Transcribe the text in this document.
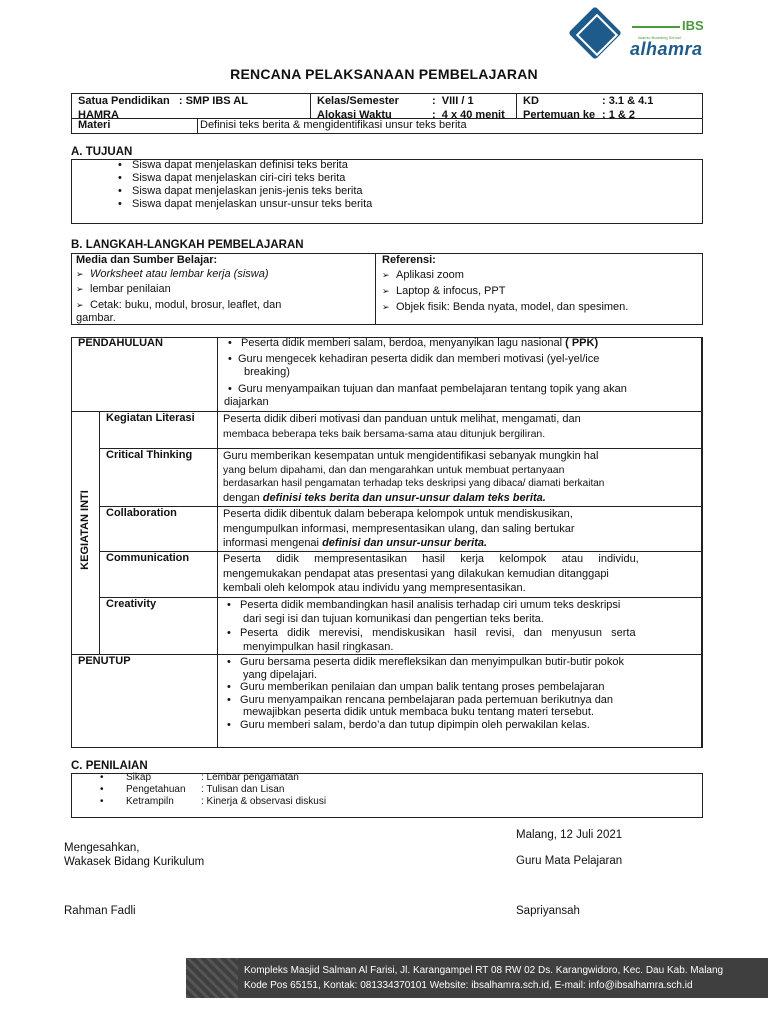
IBS
Islamic Boarding School
alhamra
RENCANA PELAKSANAAN PEMBELAJARAN
Satua Pendidikan   : SMP IBS AL
HAMRA
Kelas/Semester	:  VIII / 1
Alokasi Waktu	:  4 x 40 menit
KD	: 3.1 & 4.1
Pertemuan ke : 1 & 2
Materi	Definisi teks berita & mengidentifikasi unsur teks berita
A. TUJUAN
• Siswa dapat menjelaskan definisi teks berita
• Siswa dapat menjelaskan ciri-ciri teks berita
• Siswa dapat menjelaskan jenis-jenis teks berita
• Siswa dapat menjelaskan unsur-unsur teks berita
B. LANGKAH-LANGKAH PEMBELAJARAN
Media dan Sumber Belajar:
➢ Worksheet atau lembar kerja (siswa)
➢ lembar penilaian
➢ Cetak: buku, modul, brosur, leaflet, dan
gambar.
Referensi:
➢ Aplikasi zoom
➢ Laptop & infocus, PPT
➢ Objek fisik: Benda nyata, model, dan spesimen.
PENDAHULUAN	• Peserta didik memberi salam, berdoa, menyanyikan lagu nasional ( PPK)
• Guru mengecek kehadiran peserta didik dan memberi motivasi (yel-yel/ice
breaking)
• Guru menyampaikan tujuan dan manfaat pembelajaran tentang topik yang akan
diajarkan
KEGIATAN INTI
Kegiatan Literasi	Peserta didik diberi motivasi dan panduan untuk melihat, mengamati, dan
membaca beberapa teks baik bersama-sama atau ditunjuk bergiliran.
Critical Thinking	Guru memberikan kesempatan untuk mengidentifikasi sebanyak mungkin hal
yang belum dipahami, dan dan mengarahkan untuk membuat pertanyaan
berdasarkan hasil pengamatan terhadap teks deskripsi yang dibaca/ diamati berkaitan
dengan definisi teks berita dan unsur-unsur dalam teks berita.
Collaboration	Peserta didik dibentuk dalam beberapa kelompok untuk mendiskusikan,
mengumpulkan informasi, mempresentasikan ulang, dan saling bertukar
informasi mengenai definisi dan unsur-unsur berita.
Communication	Peserta     didik     mempresentasikan     hasil     kerja     kelompok     atau     individu,
mengemukakan pendapat atas presentasi yang dilakukan kemudian ditanggapi
kembali oleh kelompok atau individu yang mempresentasikan.
Creativity	• Peserta didik membandingkan hasil analisis terhadap ciri umum teks deskripsi
dari segi isi dan tujuan komunikasi dan pengertian teks berita.
• Peserta   didik   merevisi,   mendiskusikan   hasil   revisi,   dan   menyusun   serta
menyimpulkan hasil ringkasan.
PENUTUP	• Guru bersama peserta didik merefleksikan dan menyimpulkan butir-butir pokok
yang dipelajari.
• Guru memberikan penilaian dan umpan balik tentang proses pembelajaran
• Guru menyampaikan rencana pembelajaran pada pertemuan berikutnya dan
mewajibkan peserta didik untuk membaca buku tentang materi tersebut.
• Guru memberi salam, berdo’a dan tutup dipimpin oleh perwakilan kelas.
C. PENILAIAN
•	Sikap	: Lembar pengamatan
•	Pengetahuan	: Tulisan dan Lisan
•	Ketrampiln	: Kinerja & observasi diskusi
Malang, 12 Juli 2021
Mengesahkan,
Wakasek Bidang Kurikulum	Guru Mata Pelajaran
Rahman Fadli	Sapriyansah
Kompleks Masjid Salman Al Farisi, Jl. Karangampel RT 08 RW 02 Ds. Karangwidoro, Kec. Dau Kab. Malang
Kode Pos 65151, Kontak: 081334370101 Website: ibsalhamra.sch.id, E-mail: info@ibsalhamra.sch.id
